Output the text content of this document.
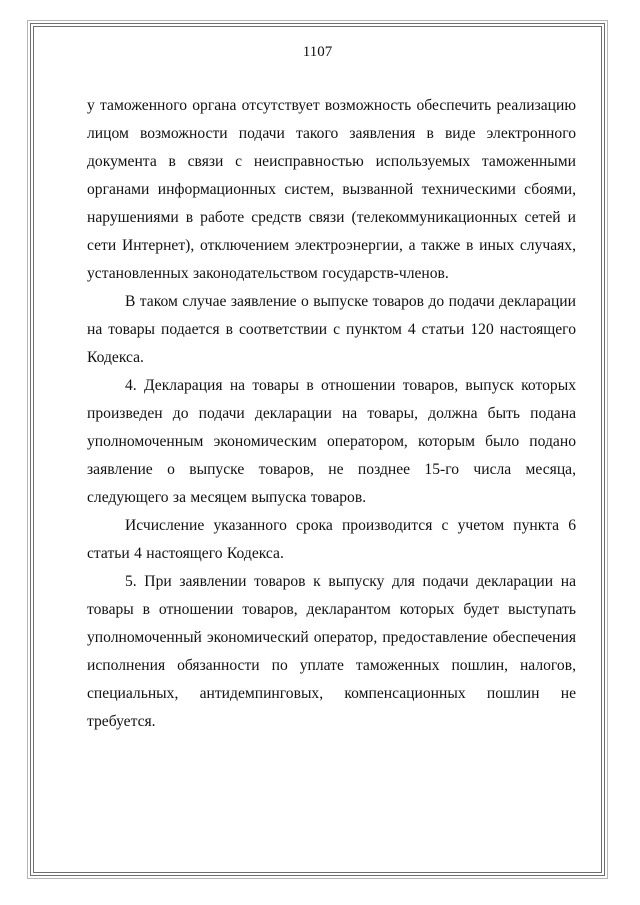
1107

у таможенного органа отсутствует возможность обеспечить реализацию лицом возможности подачи такого заявления в виде электронного документа в связи с неисправностью используемых таможенными органами информационных систем, вызванной техническими сбоями, нарушениями в работе средств связи (телекоммуникационных сетей и сети Интернет), отключением электроэнергии, а также в иных случаях, установленных законодательством государств-членов.

В таком случае заявление о выпуске товаров до подачи декларации на товары подается в соответствии с пунктом 4 статьи 120 настоящего Кодекса.

4. Декларация на товары в отношении товаров, выпуск которых произведен до подачи декларации на товары, должна быть подана уполномоченным экономическим оператором, которым было подано заявление о выпуске товаров, не позднее 15-го числа месяца, следующего за месяцем выпуска товаров.

Исчисление указанного срока производится с учетом пункта 6 статьи 4 настоящего Кодекса.

5. При заявлении товаров к выпуску для подачи декларации на товары в отношении товаров, декларантом которых будет выступать уполномоченный экономический оператор, предоставление обеспечения исполнения обязанности по уплате таможенных пошлин, налогов, специальных, антидемпинговых, компенсационных пошлин не требуется.
